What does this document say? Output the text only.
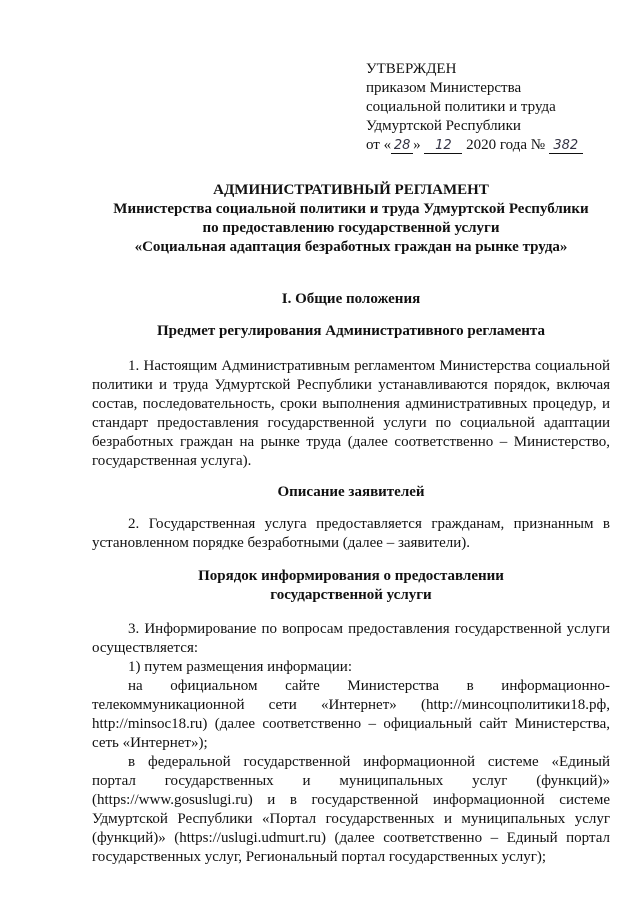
УТВЕРЖДЕН
приказом Министерства
социальной политики и труда
Удмуртской Республики
от « 28 » 12 2020 года № 382
АДМИНИСТРАТИВНЫЙ РЕГЛАМЕНТ
Министерства социальной политики и труда Удмуртской Республики
по предоставлению государственной услуги
«Социальная адаптация безработных граждан на рынке труда»
I. Общие положения
Предмет регулирования Административного регламента

1. Настоящим Административным регламентом Министерства социальной политики и труда Удмуртской Республики устанавливаются порядок, включая состав, последовательность, сроки выполнения административных процедур, и стандарт предоставления государственной услуги по социальной адаптации безработных граждан на рынке труда (далее соответственно – Министерство, государственная услуга).

Описание заявителей

2. Государственная услуга предоставляется гражданам, признанным в установленном порядке безработными (далее – заявители).

Порядок информирования о предоставлении
государственной услуги

3. Информирование по вопросам предоставления государственной услуги осуществляется:

1) путем размещения информации:

на официальном сайте Министерства в информационно-телекоммуникационной сети «Интернет» (http://минсоцполитики18.рф, http://minsoc18.ru) (далее соответственно – официальный сайт Министерства, сеть «Интернет»);

в федеральной государственной информационной системе «Единый портал государственных и муниципальных услуг (функций)» (https://www.gosuslugi.ru) и в государственной информационной системе Удмуртской Республики «Портал государственных и муниципальных услуг (функций)» (https://uslugi.udmurt.ru) (далее соответственно – Единый портал государственных услуг, Региональный портал государственных услуг);
